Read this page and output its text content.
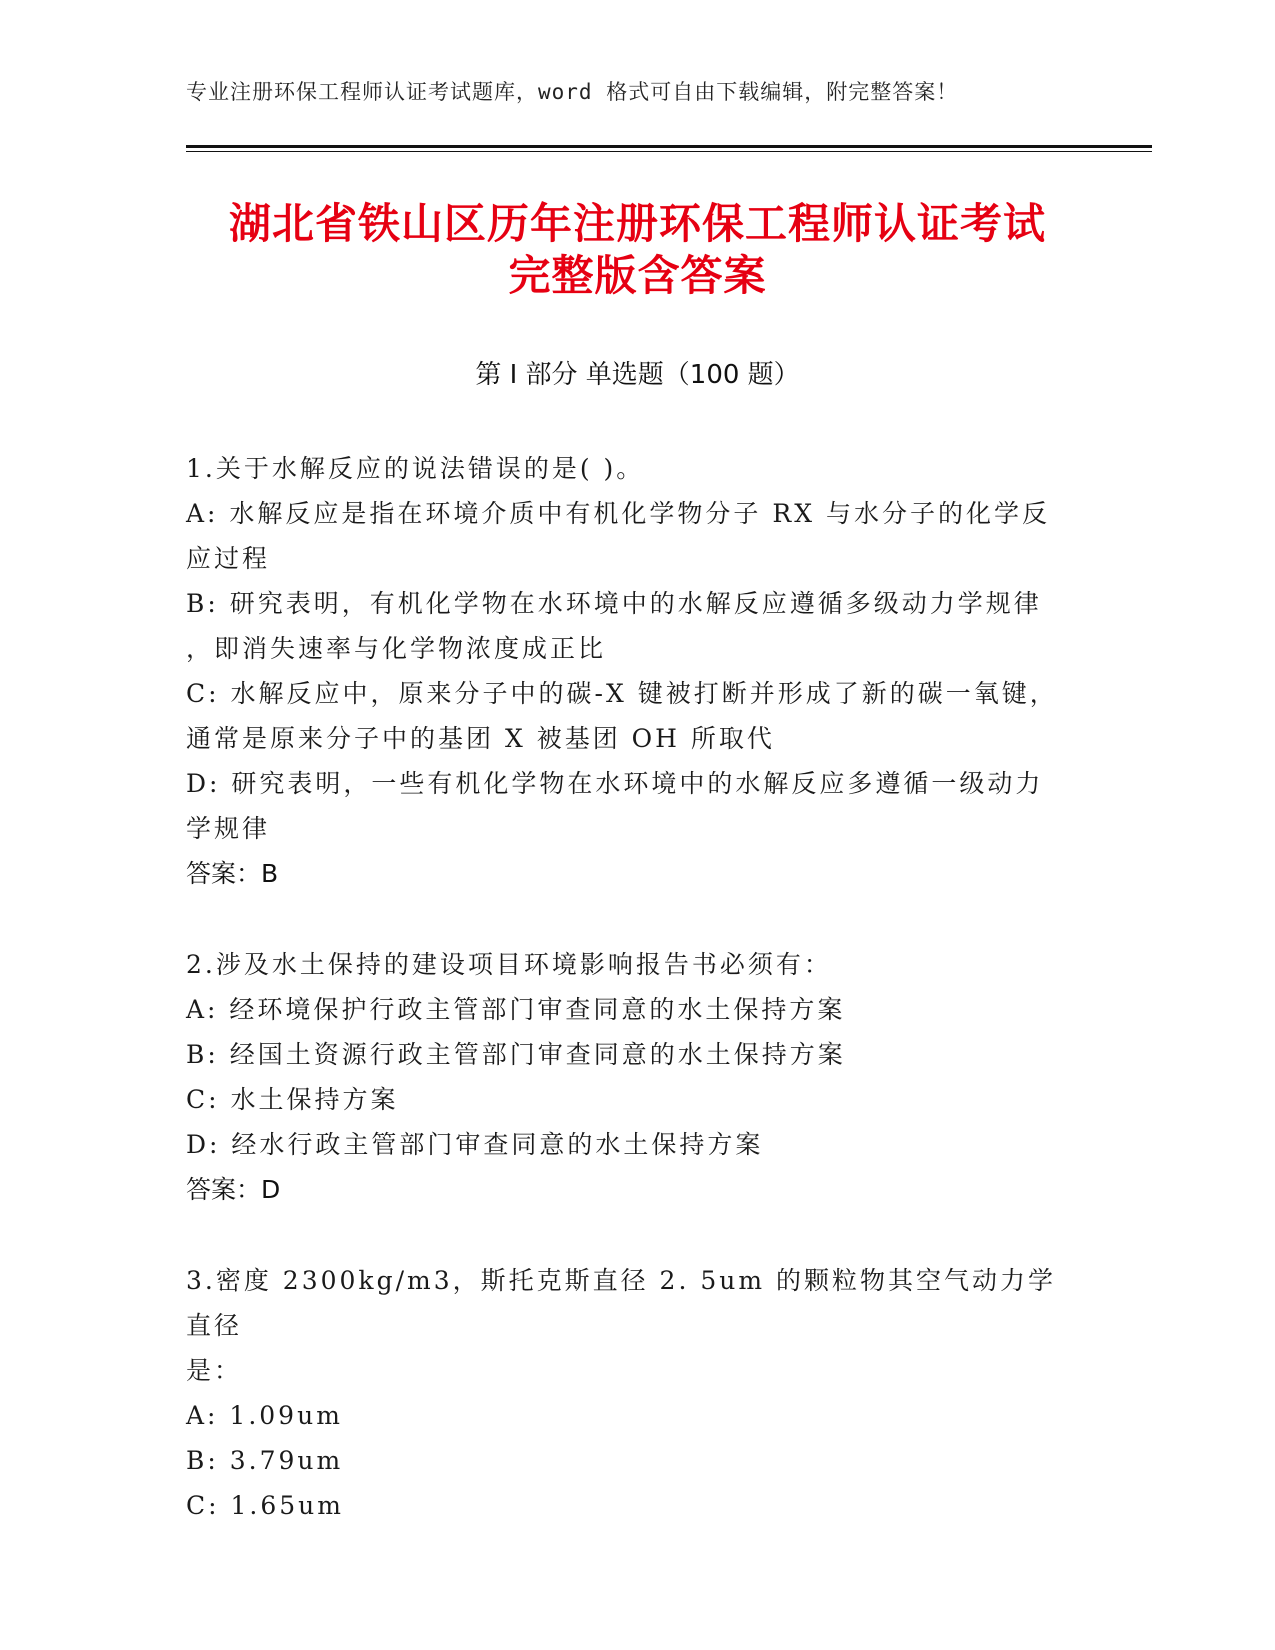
专业注册环保工程师认证考试题库，word 格式可自由下载编辑，附完整答案！
湖北省铁山区历年注册环保工程师认证考试
完整版含答案
第 I 部分 单选题（100 题）
1.关于水解反应的说法错误的是( )。
A: 水解反应是指在环境介质中有机化学物分子 RX 与水分子的化学反
应过程
B: 研究表明，有机化学物在水环境中的水解反应遵循多级动力学规律
，即消失速率与化学物浓度成正比
C: 水解反应中，原来分子中的碳-X 键被打断并形成了新的碳一氧键，
通常是原来分子中的基团 X 被基团 OH 所取代
D: 研究表明，一些有机化学物在水环境中的水解反应多遵循一级动力
学规律
答案：B
2.涉及水土保持的建设项目环境影响报告书必须有：
A: 经环境保护行政主管部门审查同意的水土保持方案
B: 经国土资源行政主管部门审查同意的水土保持方案
C: 水土保持方案
D: 经水行政主管部门审查同意的水土保持方案
答案：D
3.密度 2300kg/m3，斯托克斯直径 2. 5um 的颗粒物其空气动力学直径
是：
A: 1.09um
B: 3.79um
C: 1.65um
